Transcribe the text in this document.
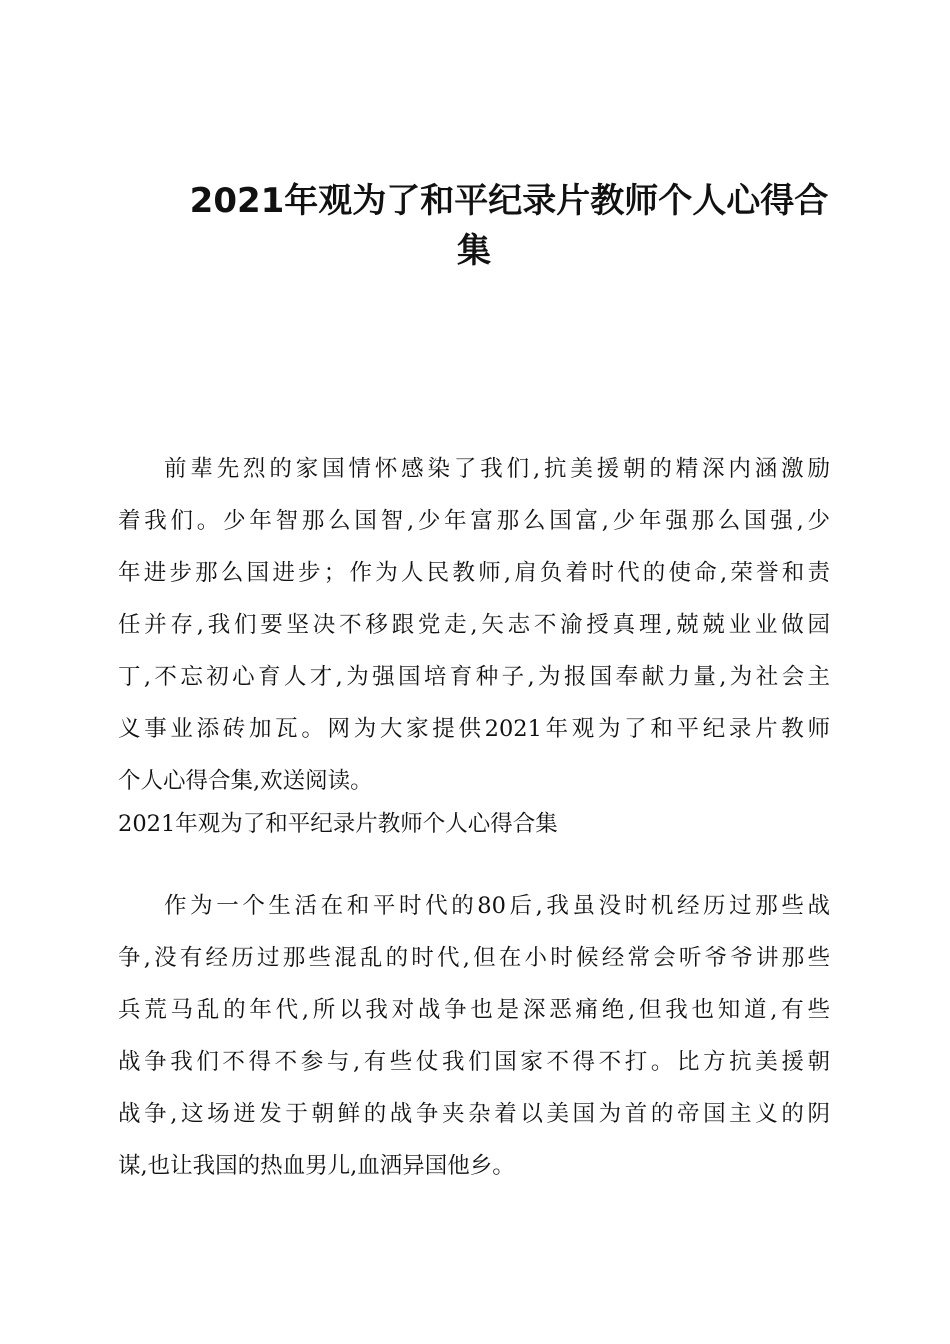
2021年观为了和平纪录片教师个人心得合
集
前辈先烈的家国情怀感染了我们,抗美援朝的精深内涵激励
着我们。少年智那么国智,少年富那么国富,少年强那么国强,少
年进步那么国进步；作为人民教师,肩负着时代的使命,荣誉和责
任并存,我们要坚决不移跟党走,矢志不渝授真理,兢兢业业做园
丁,不忘初心育人才,为强国培育种子,为报国奉献力量,为社会主
义事业添砖加瓦。网为大家提供2021年观为了和平纪录片教师
个人心得合集,欢送阅读。
2021年观为了和平纪录片教师个人心得合集
作为一个生活在和平时代的80后,我虽没时机经历过那些战
争,没有经历过那些混乱的时代,但在小时候经常会听爷爷讲那些
兵荒马乱的年代,所以我对战争也是深恶痛绝,但我也知道,有些
战争我们不得不参与,有些仗我们国家不得不打。比方抗美援朝
战争,这场迸发于朝鲜的战争夹杂着以美国为首的帝国主义的阴
谋,也让我国的热血男儿,血洒异国他乡。
